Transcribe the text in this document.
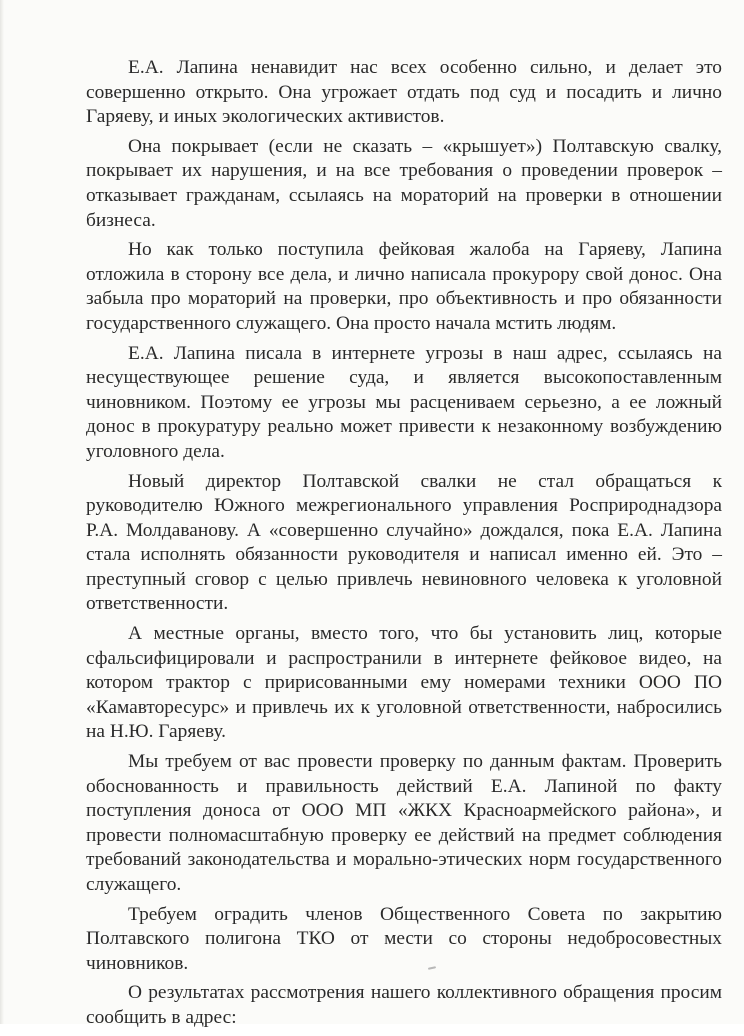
Е.А. Лапина ненавидит нас всех особенно сильно, и делает это совершенно открыто. Она угрожает отдать под суд и посадить и лично Гаряеву, и иных экологических активистов.

Она покрывает (если не сказать – «крышует») Полтавскую свалку, покрывает их нарушения, и на все требования о проведении проверок – отказывает гражданам, ссылаясь на мораторий на проверки в отношении бизнеса.

Но как только поступила фейковая жалоба на Гаряеву, Лапина отложила в сторону все дела, и лично написала прокурору свой донос. Она забыла про мораторий на проверки, про объективность и про обязанности государственного служащего. Она просто начала мстить людям.

Е.А. Лапина писала в интернете угрозы в наш адрес, ссылаясь на несуществующее решение суда, и является высокопоставленным чиновником. Поэтому ее угрозы мы расцениваем серьезно, а ее ложный донос в прокуратуру реально может привести к незаконному возбуждению уголовного дела.

Новый директор Полтавской свалки не стал обращаться к руководителю Южного межрегионального управления Росприроднадзора Р.А. Молдаванову. А «совершенно случайно» дождался, пока Е.А. Лапина стала исполнять обязанности руководителя и написал именно ей. Это – преступный сговор с целью привлечь невиновного человека к уголовной ответственности.

А местные органы, вместо того, что бы установить лиц, которые сфальсифицировали и распространили в интернете фейковое видео, на котором трактор с пририсованными ему номерами техники ООО ПО «Камавторесурс» и привлечь их к уголовной ответственности, набросились на Н.Ю. Гаряеву.

Мы требуем от вас провести проверку по данным фактам. Проверить обоснованность и правильность действий Е.А. Лапиной по факту поступления доноса от ООО МП «ЖКХ Красноармейского района», и провести полномасштабную проверку ее действий на предмет соблюдения требований законодательства и морально-этических норм государственного служащего.

Требуем оградить членов Общественного Совета по закрытию Полтавского полигона ТКО от мести со стороны недобросовестных чиновников.

О результатах рассмотрения нашего коллективного обращения просим сообщить в адрес:
